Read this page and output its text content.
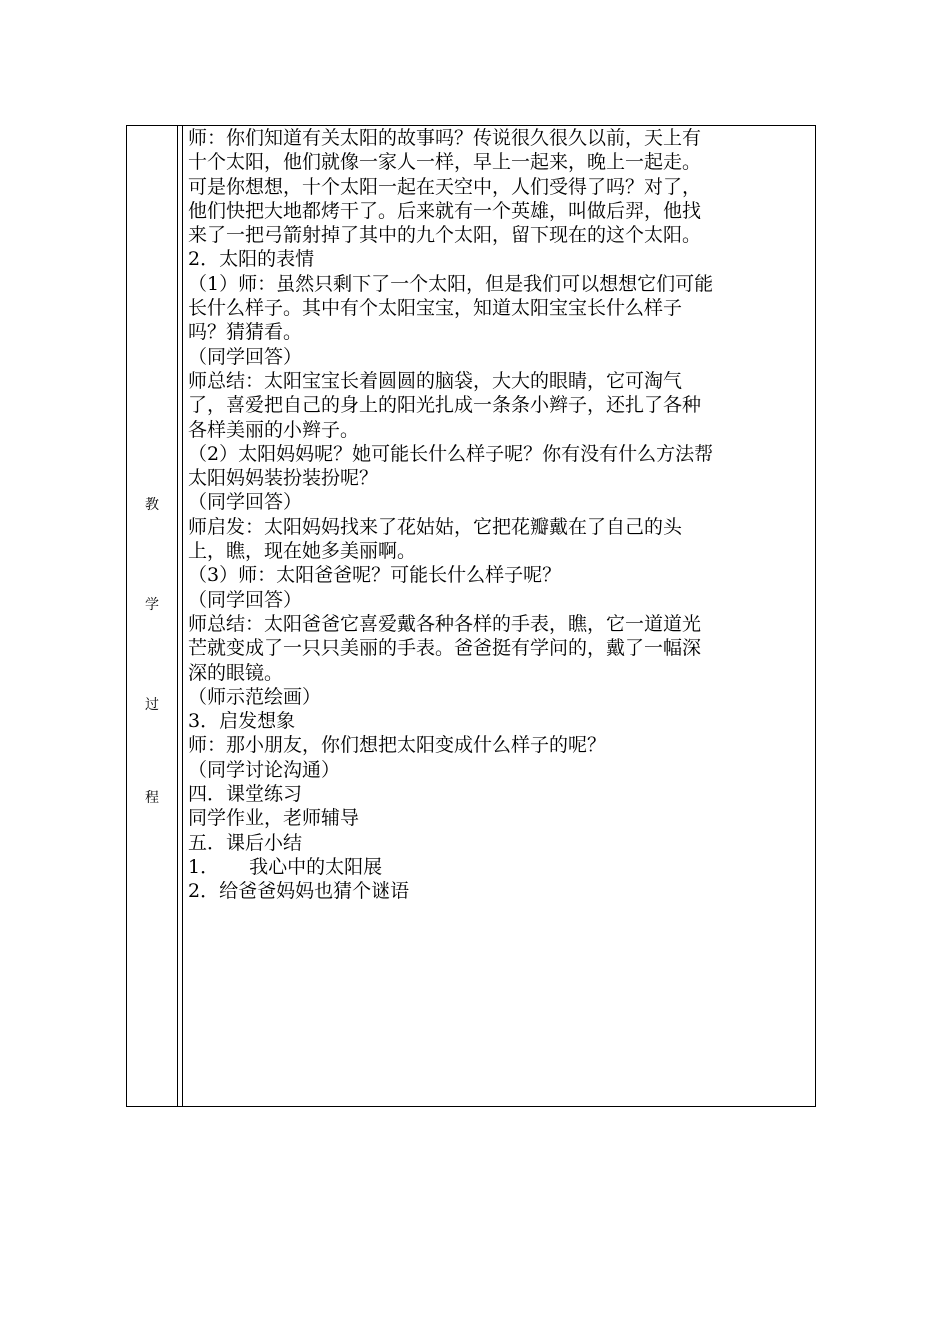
教
学
过
程
师：你们知道有关太阳的故事吗？传说很久很久以前，天上有
十个太阳，他们就像一家人一样，早上一起来，晚上一起走。
可是你想想，十个太阳一起在天空中，人们受得了吗？对了，
他们快把大地都烤干了。后来就有一个英雄，叫做后羿，他找
来了一把弓箭射掉了其中的九个太阳，留下现在的这个太阳。
2．太阳的表情
（1）师：虽然只剩下了一个太阳，但是我们可以想想它们可能
长什么样子。其中有个太阳宝宝，知道太阳宝宝长什么样子
吗？猜猜看。
（同学回答）
师总结：太阳宝宝长着圆圆的脑袋，大大的眼睛，它可淘气
了，喜爱把自己的身上的阳光扎成一条条小辫子，还扎了各种
各样美丽的小辫子。
（2）太阳妈妈呢？她可能长什么样子呢？你有没有什么方法帮
太阳妈妈装扮装扮呢？
（同学回答）
师启发：太阳妈妈找来了花姑姑，它把花瓣戴在了自己的头
上，瞧，现在她多美丽啊。
（3）师：太阳爸爸呢？可能长什么样子呢？
（同学回答）
师总结：太阳爸爸它喜爱戴各种各样的手表，瞧，它一道道光
芒就变成了一只只美丽的手表。爸爸挺有学问的，戴了一幅深
深的眼镜。
（师示范绘画）
3．启发想象
师：那小朋友，你们想把太阳变成什么样子的呢？
（同学讨论沟通）
四．课堂练习
同学作业，老师辅导
五．课后小结
1． 我心中的太阳展
2．给爸爸妈妈也猜个谜语
